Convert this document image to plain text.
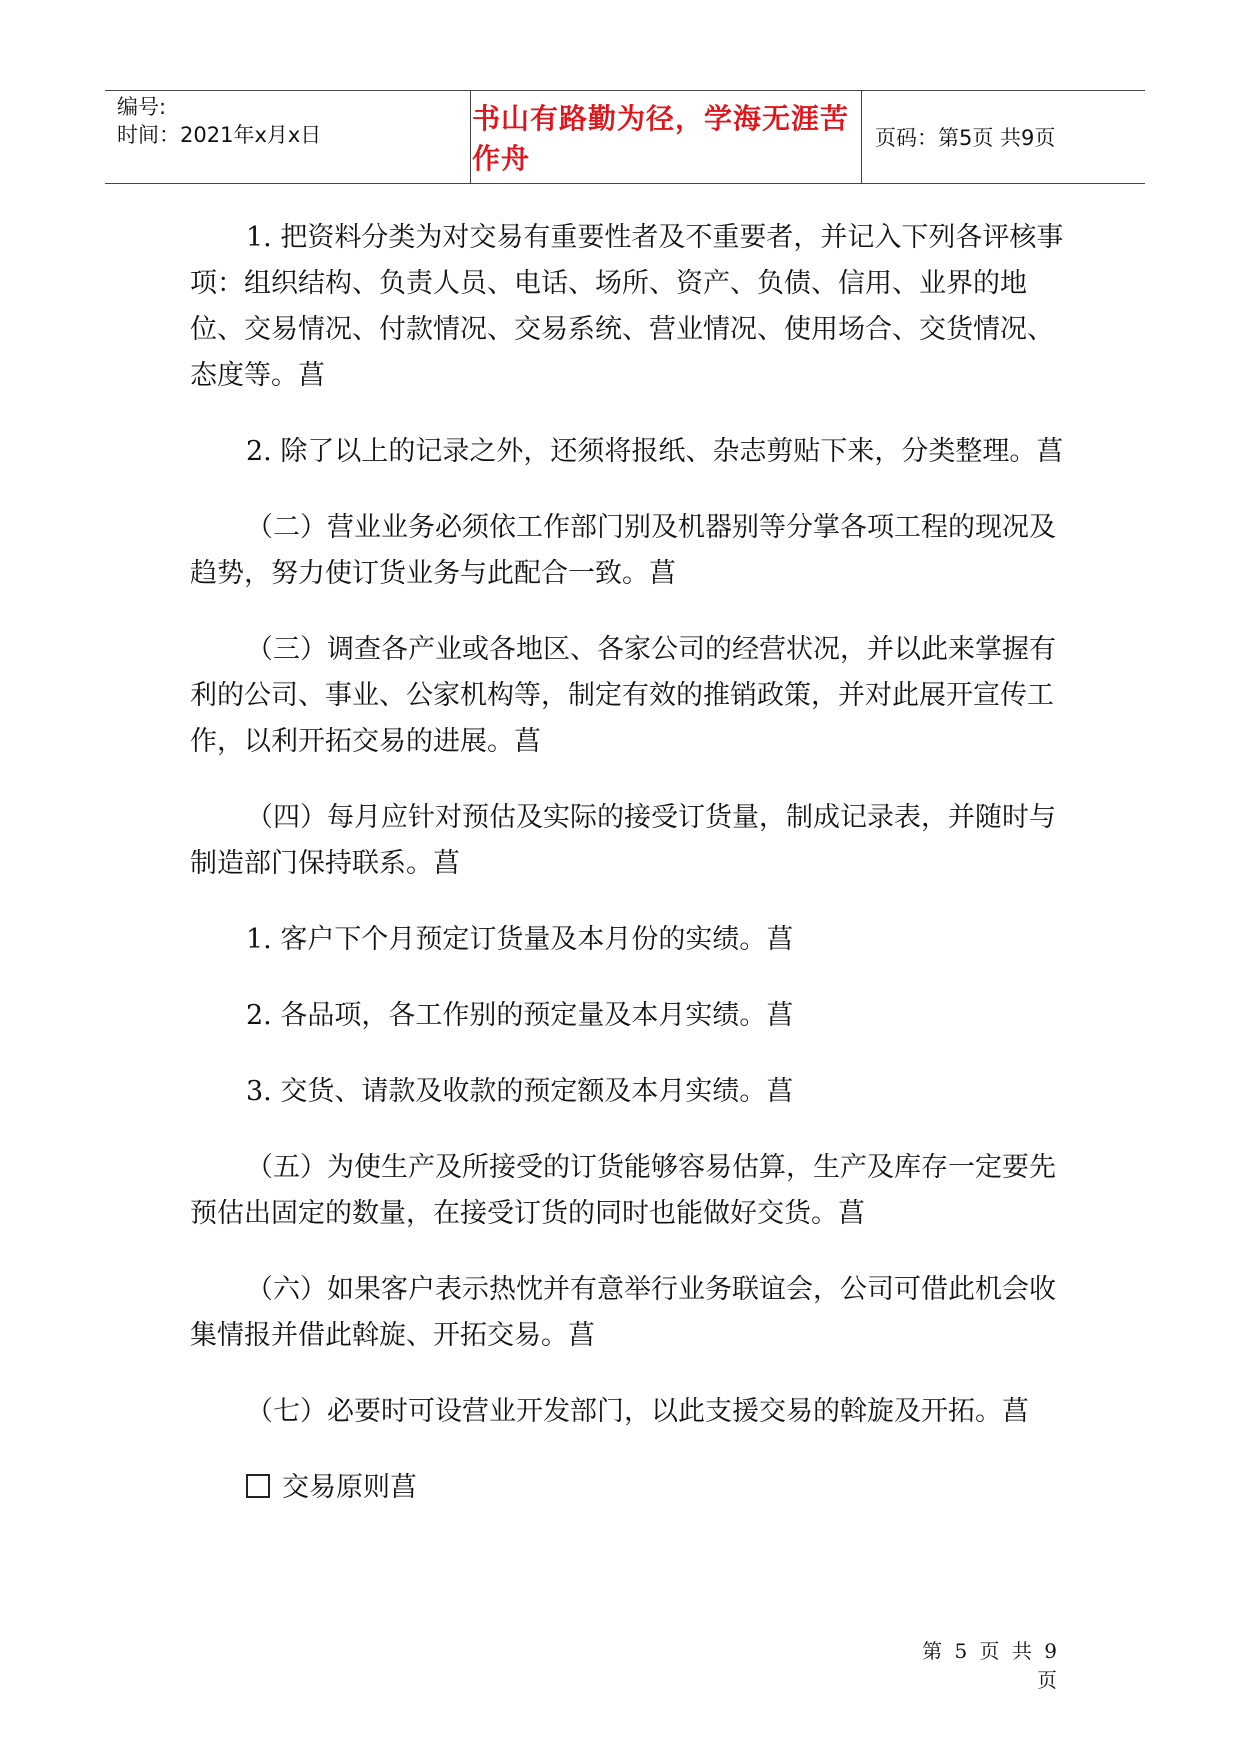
编号:
时间：2021年x月x日	书山有路勤为径，学海无涯苦作舟
页码：第5页 共9页

1. 把资料分类为对交易有重要性者及不重要者，并记入下列各评核事项：组织结构、负责人员、电话、场所、资产、负债、信用、业界的地位、交易情况、付款情况、交易系统、营业情况、使用场合、交货情况、态度等。菖

2. 除了以上的记录之外，还须将报纸、杂志剪贴下来，分类整理。菖

（二）营业业务必须依工作部门别及机器别等分掌各项工程的现况及趋势，努力使订货业务与此配合一致。菖

（三）调查各产业或各地区、各家公司的经营状况，并以此来掌握有利的公司、事业、公家机构等，制定有效的推销政策，并对此展开宣传工作，以利开拓交易的进展。菖

（四）每月应针对预估及实际的接受订货量，制成记录表，并随时与制造部门保持联系。菖

1. 客户下个月预定订货量及本月份的实绩。菖

2. 各品项，各工作别的预定量及本月实绩。菖

3. 交货、请款及收款的预定额及本月实绩。菖

（五）为使生产及所接受的订货能够容易估算，生产及库存一定要先预估出固定的数量，在接受订货的同时也能做好交货。菖

（六）如果客户表示热忱并有意举行业务联谊会，公司可借此机会收集情报并借此斡旋、开拓交易。菖

（七）必要时可设营业开发部门，以此支援交易的斡旋及开拓。菖

交易原则菖

第 5 页 共 9 页
